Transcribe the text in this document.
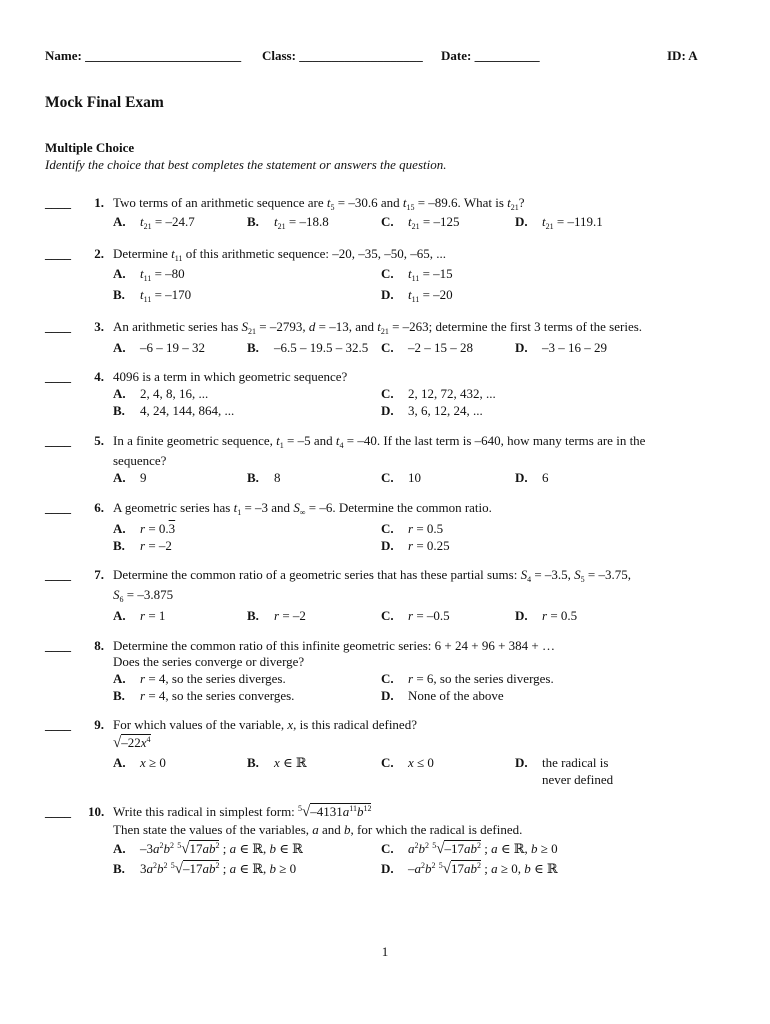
Name: ________________________ Class: ___________________ Date: __________	ID: A
Mock Final Exam
Multiple Choice
Identify the choice that best completes the statement or answers the question.
____	1. Two terms of an arithmetic sequence are $t_5 = -30.6$ and $t_{15} = -89.6$. What is $t_{21}$?
A. $t_{21} = -24.7$	B. $t_{21} = -18.8$	C. $t_{21} = -125$	D. $t_{21} = -119.1$
____	2. Determine $t_{11}$ of this arithmetic sequence: –20, –35, –50, –65, ...
A. $t_{11} = -80$
B. $t_{11} = -170$
C. $t_{11} = -15$
D. $t_{11} = -20$
____	3. An arithmetic series has $S_{21} = -2793$, d = –13, and $t_{21} = -263$; determine the first 3 terms of the series.
A. –6 – 19 – 32	B. –6.5 – 19.5 – 32.5 C. –2 – 15 – 28	D. –3 – 16 – 29
____	4. 4096 is a term in which geometric sequence?
A. 2, 4, 8, 16, ...
B. 4, 24, 144, 864, ...
C. 2, 12, 72, 432, ...
D. 3, 6, 12, 24, ...
____	5. In a finite geometric sequence, $t_1 = -5$ and $t_4 = -40$. If the last term is –640, how many terms are in the
sequence?
A. 9	B. 8	C. 10	D. 6
____	6. A geometric series has $t_1 = -3$ and $S_\infty = -6$. Determine the common ratio.
A. r = 0.3
B. r = –2
C. r = 0.5
D. r = 0.25
____	7. Determine the common ratio of a geometric series that has these partial sums: $S_4 = -3.5$, $S_5 = -3.75$,
$S_6 = -3.875$
A. r = 1	B. r = –2	C. r = –0.5	D. r = 0.5
____	8. Determine the common ratio of this infinite geometric series: 6 + 24 + 96 + 384 + …
Does the series converge or diverge?
A. r = 4, so the series diverges.
B. r = 4, so the series converges.
C. r = 6, so the series diverges.
D. None of the above
____	9. For which values of the variable, x, is this radical defined?
$√-22x^4$
A. x ≥ 0	B. x ∈ ℝ	C. x ≤ 0	D. the radical is
never defined
____ 10. Write this radical in simplest form: $^5√-4131a^{11}b^{12}$
Then state the values of the variables, a and b, for which the radical is defined.
A. $-3a^2b^2$ $^5√17ab^2$ ; a ∈ ℝ, b ∈ ℝ
B. $3a^2b^2$ $^5√-17ab^2$ ; a ∈ ℝ, b ≥ 0
C. $a^2b^2$ $^5√-17ab^2$ ; a ∈ ℝ, b ≥ 0
D. $-a^2b^2$ $^5√17ab^2$ ; a ≥ 0, b ∈ ℝ
1
